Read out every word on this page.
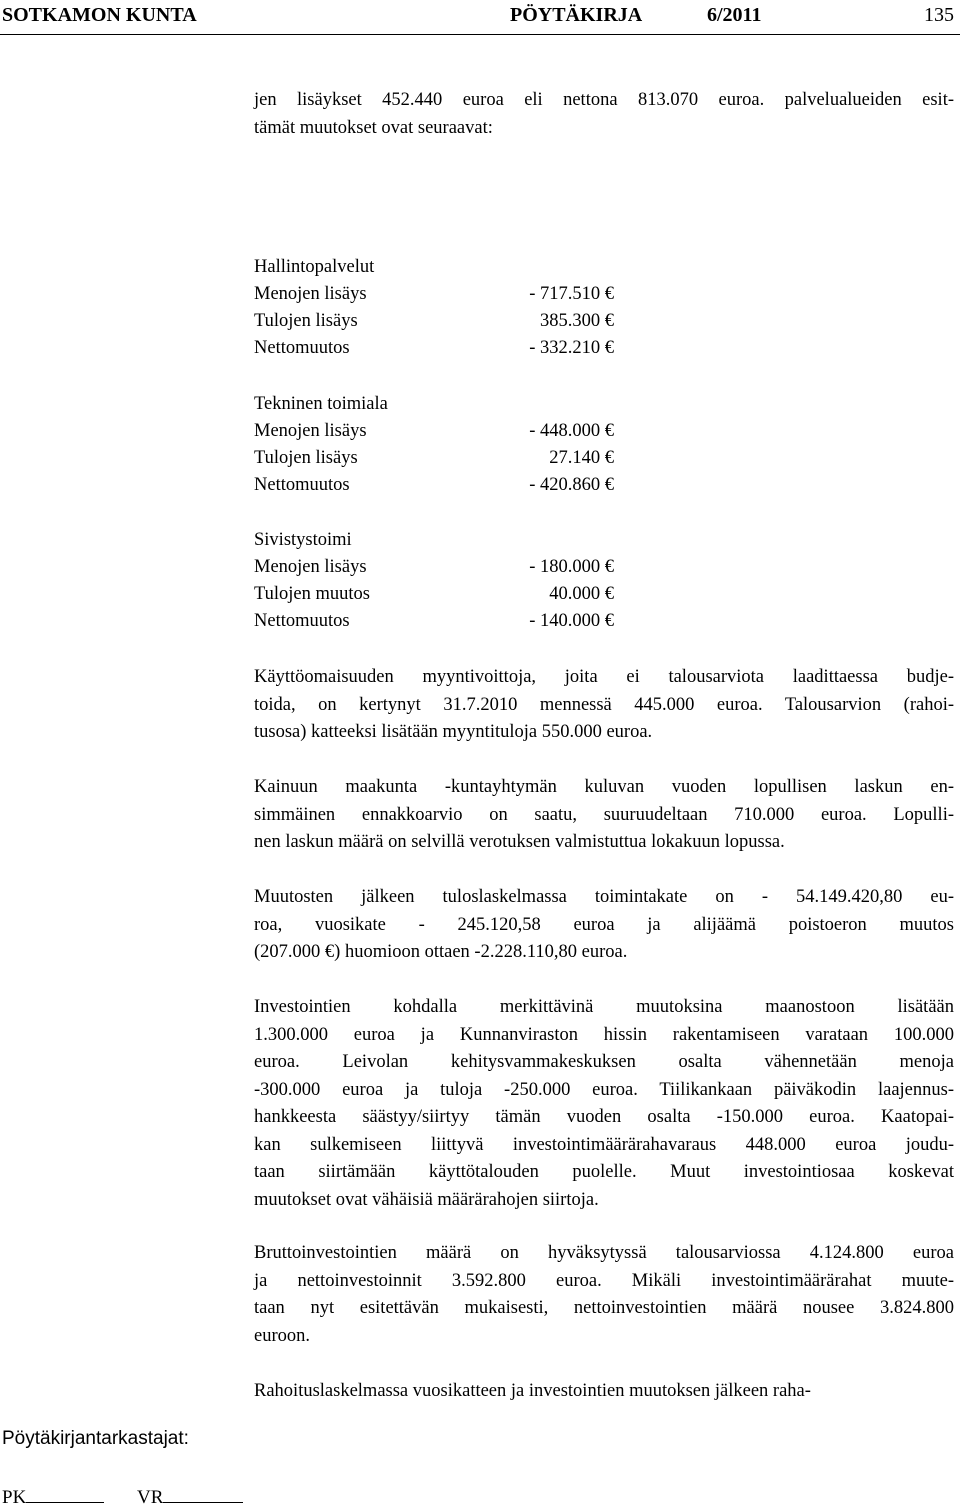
SOTKAMON KUNTA	PÖYTÄKIRJA	6/2011	135
jen lisäykset 452.440 euroa eli nettona 813.070 euroa. palvelualueiden esit-
tämät muutokset ovat seuraavat:
Hallintopalvelut
Menojen lisäys	- 717.510 €
Tulojen lisäys	385.300 €
Nettomuutos	- 332.210 €
Tekninen toimiala
Menojen lisäys	- 448.000 €
Tulojen lisäys	27.140 €
Nettomuutos	- 420.860 €
Sivistystoimi
Menojen lisäys	- 180.000 €
Tulojen muutos	40.000 €
Nettomuutos	- 140.000 €
Käyttöomaisuuden myyntivoittoja, joita ei talousarviota laadittaessa budje-
toida, on kertynyt 31.7.2010 mennessä 445.000 euroa. Talousarvion (rahoi-
tusosa) katteeksi lisätään myyntituloja 550.000 euroa.
Kainuun maakunta -kuntayhtymän kuluvan vuoden lopullisen laskun en-
simmäinen ennakkoarvio on saatu, suuruudeltaan 710.000 euroa. Lopulli-
nen laskun määrä on selvillä verotuksen valmistuttua lokakuun lopussa.
Muutosten jälkeen tuloslaskelmassa toimintakate on - 54.149.420,80 eu-
roa, vuosikate - 245.120,58 euroa ja alijäämä poistoeron muutos
(207.000 €) huomioon ottaen -2.228.110,80 euroa.
Investointien kohdalla merkittävinä muutoksina maanostoon lisätään
1.300.000 euroa ja Kunnanviraston hissin rakentamiseen varataan 100.000
euroa. Leivolan kehitysvammakeskuksen osalta vähennetään menoja
-300.000 euroa ja tuloja -250.000 euroa. Tiilikankaan päiväkodin laajennus-
hankkeesta säästyy/siirtyy tämän vuoden osalta -150.000 euroa. Kaatopai-
kan sulkemiseen liittyvä investointimäärärahavaraus 448.000 euroa joudu-
taan siirtämään käyttötalouden puolelle. Muut investointiosaa koskevat
muutokset ovat vähäisiä määrärahojen siirtoja.
Bruttoinvestointien määrä on hyväksytyssä talousarviossa 4.124.800 euroa
ja nettoinvestoinnit 3.592.800 euroa. Mikäli investointimäärärahat muute-
taan nyt esitettävän mukaisesti, nettoinvestointien määrä nousee 3.824.800
euroon.
Rahoituslaskelmassa vuosikatteen ja investointien muutoksen jälkeen raha-
Pöytäkirjantarkastajat:
PK	VR
